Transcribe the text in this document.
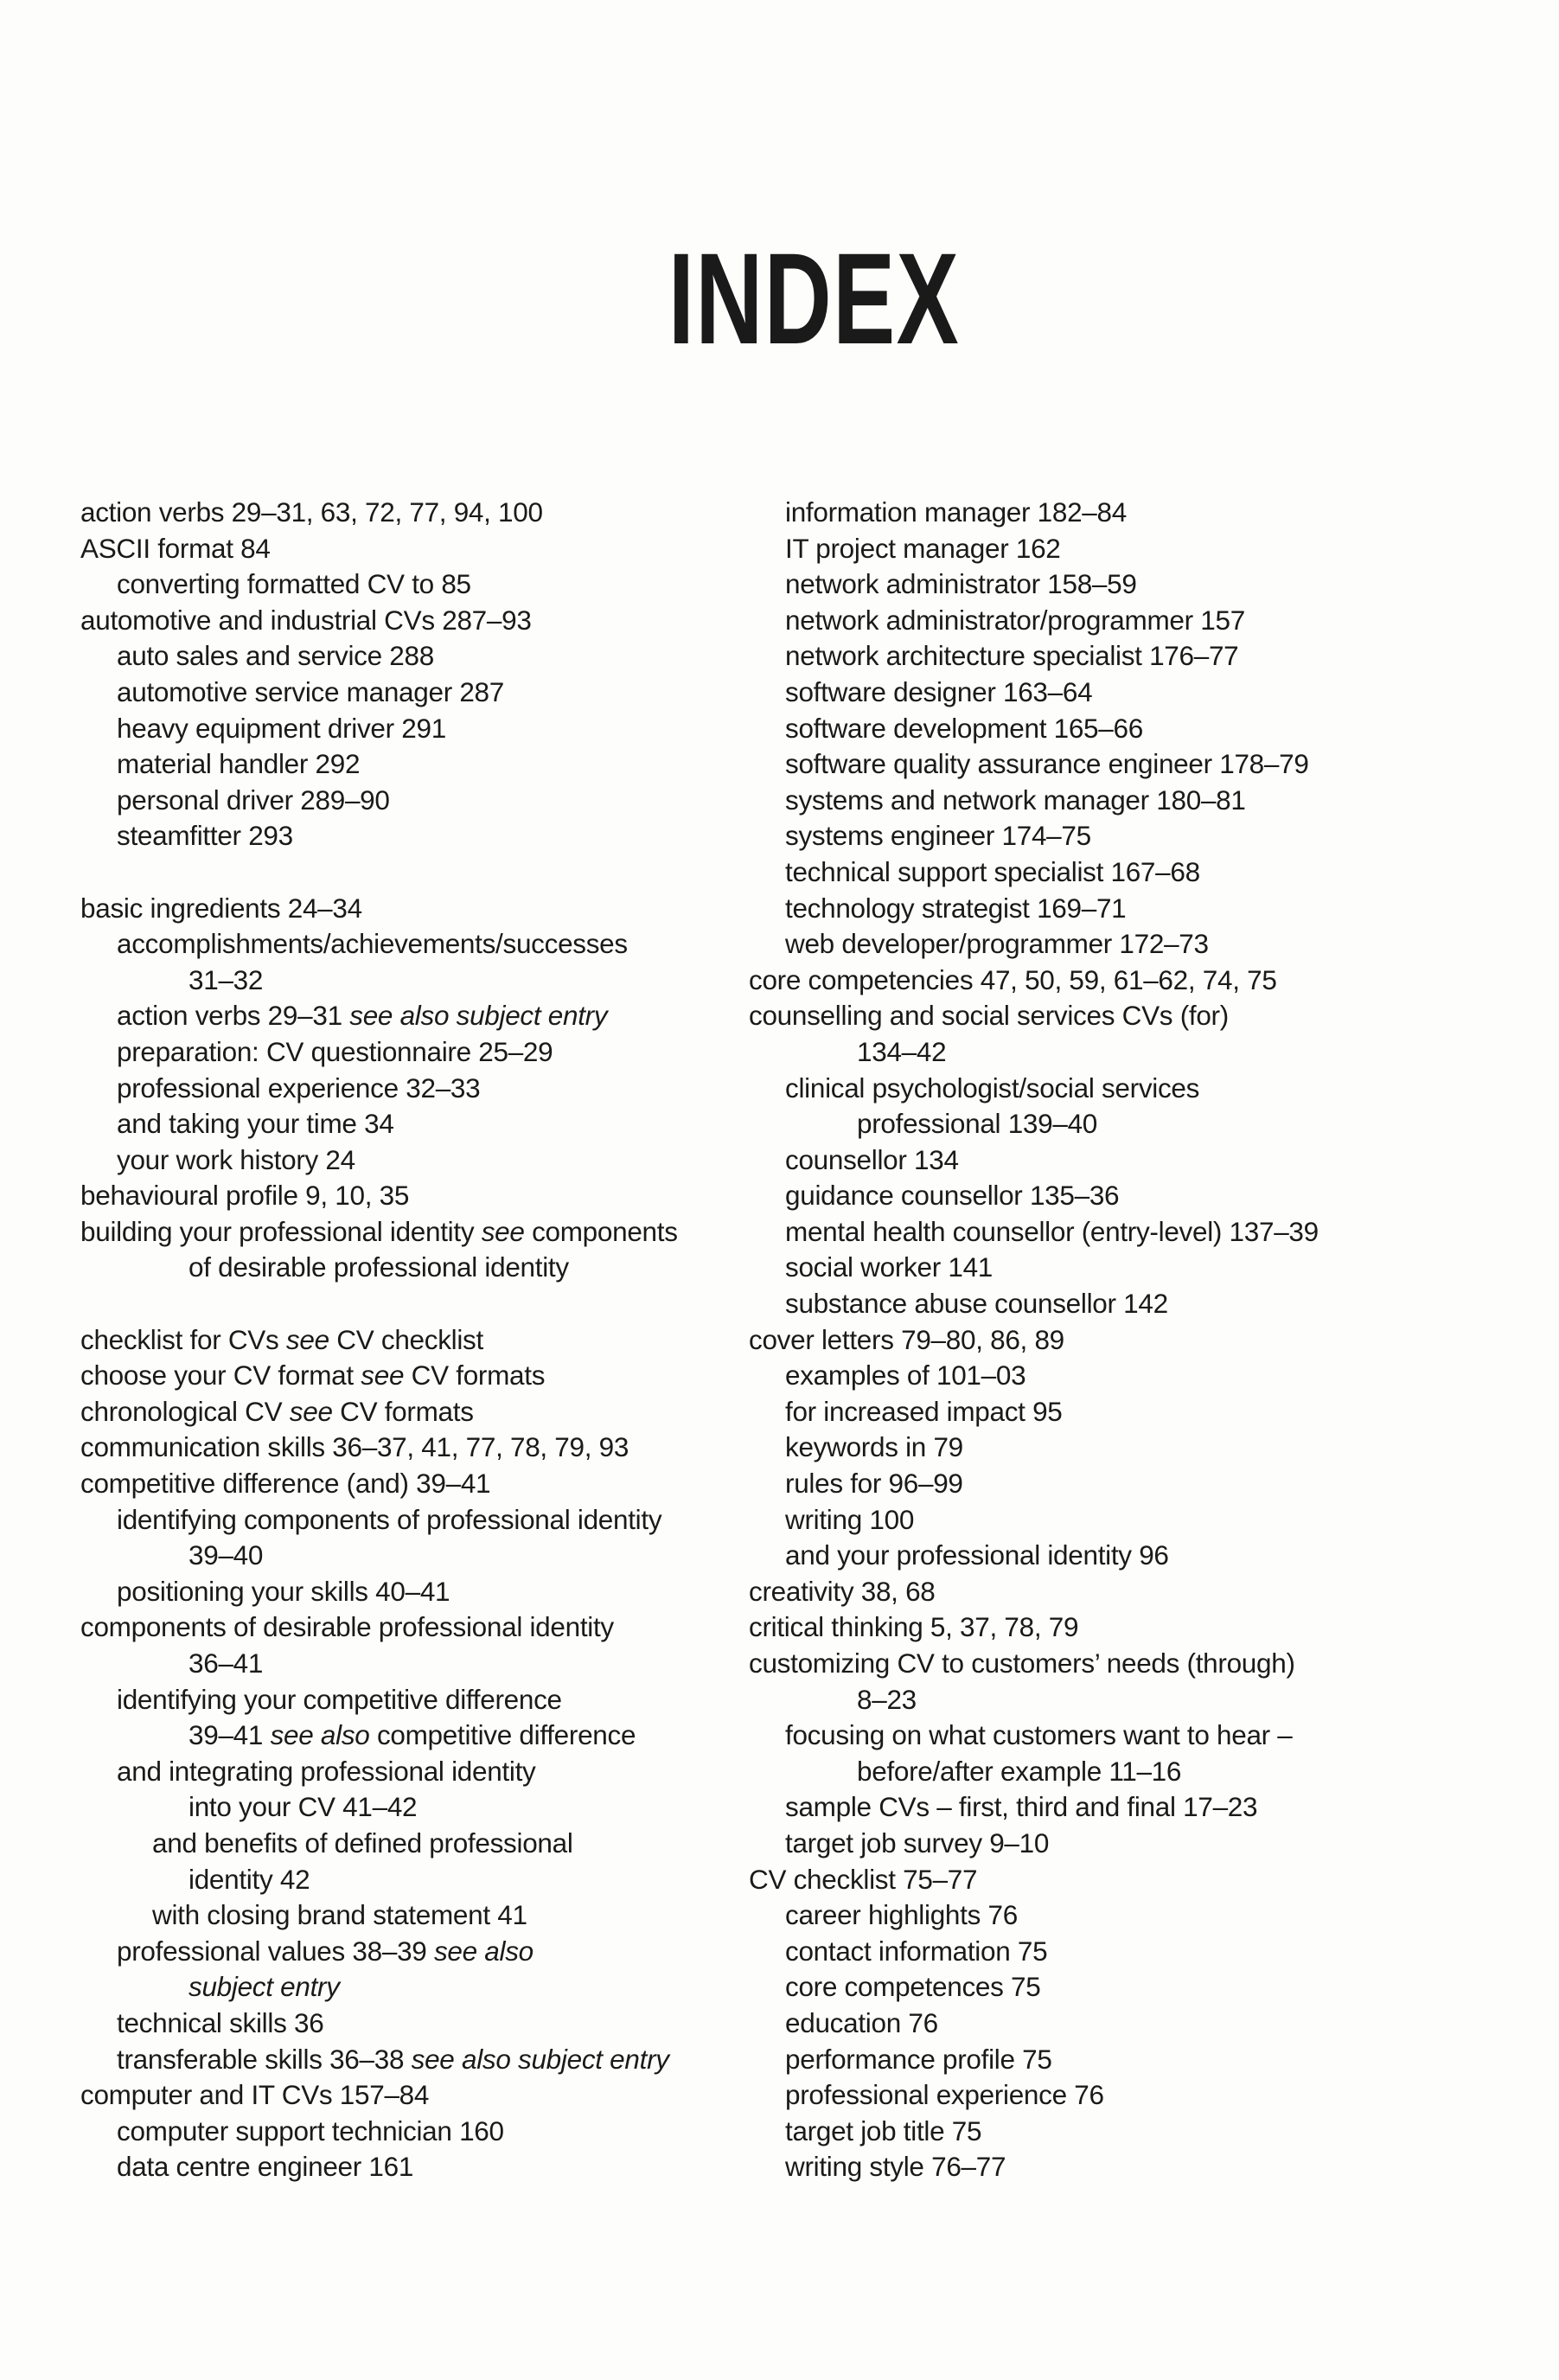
INDEX
action verbs 29–31, 63, 72, 77, 94, 100
ASCII format 84
converting formatted CV to 85
automotive and industrial CVs 287–93
auto sales and service 288
automotive service manager 287
heavy equipment driver 291
material handler 292
personal driver 289–90
steamfitter 293
basic ingredients 24–34
accomplishments/achievements/successes
31–32
action verbs 29–31 see also subject entry
preparation: CV questionnaire 25–29
professional experience 32–33
and taking your time 34
your work history 24
behavioural profile 9, 10, 35
building your professional identity see components
of desirable professional identity
checklist for CVs see CV checklist
choose your CV format see CV formats
chronological CV see CV formats
communication skills 36–37, 41, 77, 78, 79, 93
competitive difference (and) 39–41
identifying components of professional identity
39–40
positioning your skills 40–41
components of desirable professional identity
36–41
identifying your competitive difference
39–41 see also competitive difference
and integrating professional identity
into your CV 41–42
and benefits of defined professional
identity 42
with closing brand statement 41
professional values 38–39 see also
subject entry
technical skills 36
transferable skills 36–38 see also subject entry
computer and IT CVs 157–84
computer support technician 160
data centre engineer 161
information manager 182–84
IT project manager 162
network administrator 158–59
network administrator/programmer 157
network architecture specialist 176–77
software designer 163–64
software development 165–66
software quality assurance engineer 178–79
systems and network manager 180–81
systems engineer 174–75
technical support specialist 167–68
technology strategist 169–71
web developer/programmer 172–73
core competencies 47, 50, 59, 61–62, 74, 75
counselling and social services CVs (for)
134–42
clinical psychologist/social services
professional 139–40
counsellor 134
guidance counsellor 135–36
mental health counsellor (entry-level) 137–39
social worker 141
substance abuse counsellor 142
cover letters 79–80, 86, 89
examples of 101–03
for increased impact 95
keywords in 79
rules for 96–99
writing 100
and your professional identity 96
creativity 38, 68
critical thinking 5, 37, 78, 79
customizing CV to customers’ needs (through)
8–23
focusing on what customers want to hear –
before/after example 11–16
sample CVs – first, third and final 17–23
target job survey 9–10
CV checklist 75–77
career highlights 76
contact information 75
core competences 75
education 76
performance profile 75
professional experience 76
target job title 75
writing style 76–77
